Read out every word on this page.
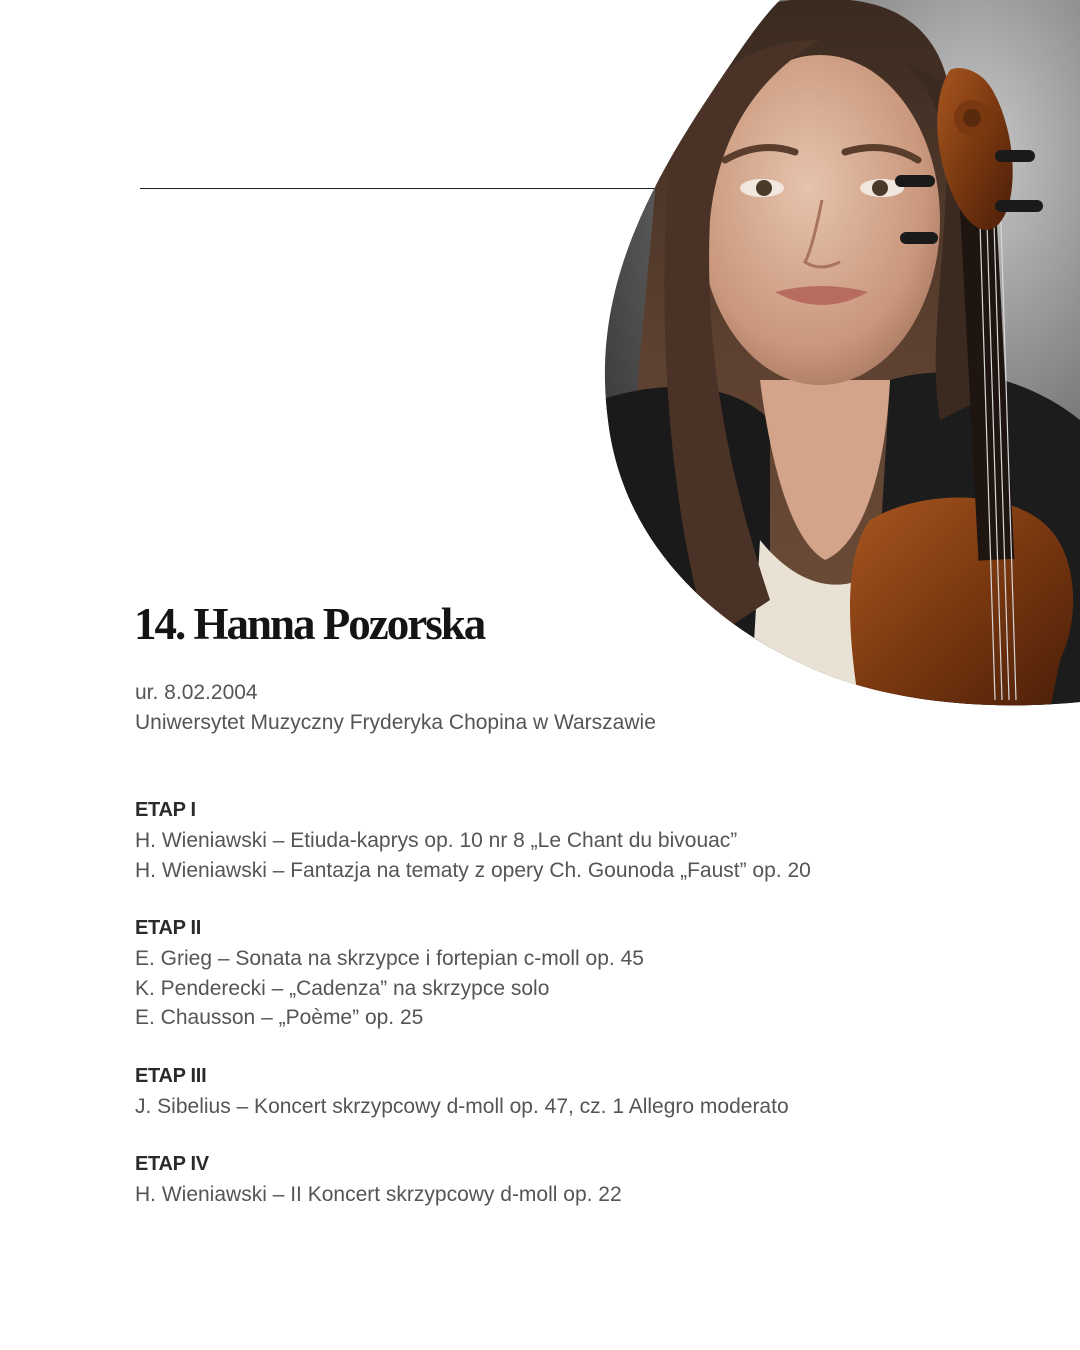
14. Hanna Pozorska
ur. 8.02.2004
Uniwersytet Muzyczny Fryderyka Chopina w Warszawie
ETAP I
H. Wieniawski – Etiuda-kaprys op. 10 nr 8 „Le Chant du bivouac”
H. Wieniawski – Fantazja na tematy z opery Ch. Gounoda „Faust” op. 20
ETAP II
E. Grieg – Sonata na skrzypce i fortepian c-moll op. 45
K. Penderecki – „Cadenza” na skrzypce solo
E. Chausson – „Poème” op. 25
ETAP III
J. Sibelius – Koncert skrzypcowy d-moll op. 47, cz. 1 Allegro moderato
ETAP IV
H. Wieniawski – II Koncert skrzypcowy d-moll op. 22
